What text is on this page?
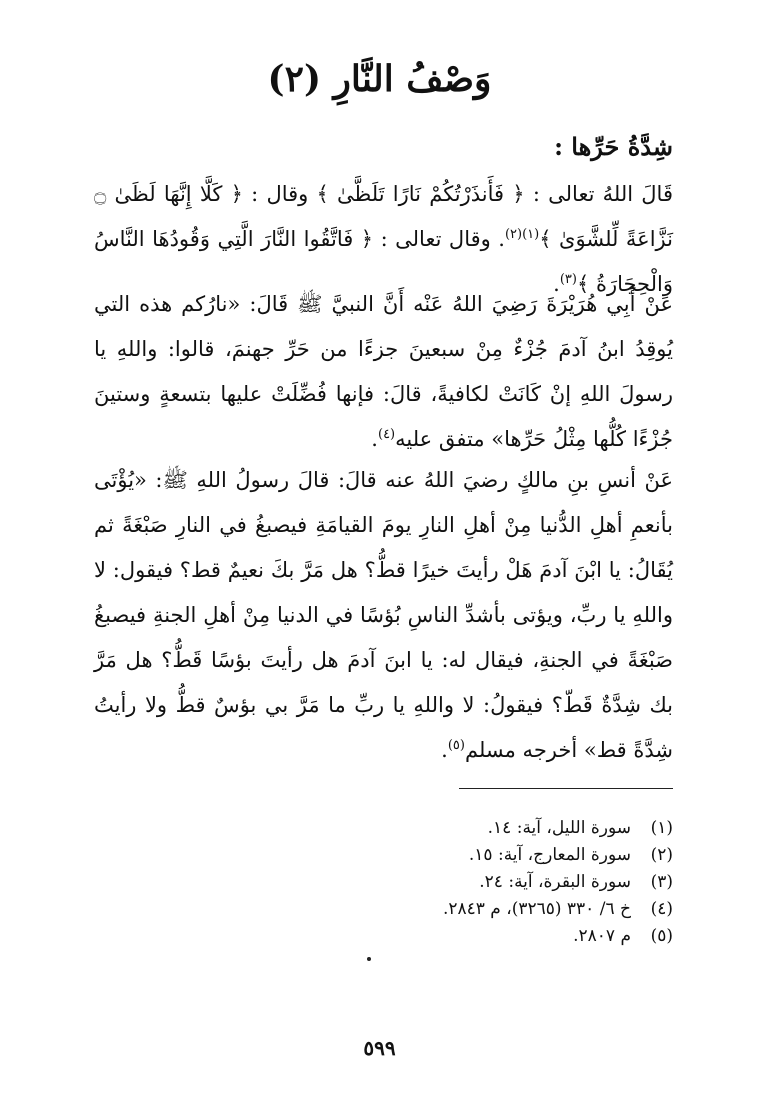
وَصْفُ النَّارِ (٢)
شِدَّةُ حَرِّها :
قَالَ اللهُ تعالى : ﴿ فَأَنذَرْتُكُمْ نَارًا تَلَظَّىٰ ﴾ وقال : ﴿ كَلَّا إِنَّهَا لَظَىٰ ۝ نَزَّاعَةً لِّلشَّوَىٰ ﴾$^{(١)(٢)}$. وقال تعالى : ﴿ فَاتَّقُوا النَّارَ الَّتِي وَقُودُهَا النَّاسُ وَالْحِجَارَةُ ﴾$^{(٣)}$.
عَنْ أَبِي هُرَيْرَةَ رَضِيَ اللهُ عَنْه أَنَّ النبيَّ ﷺ قَالَ: «نارُكم هذه التي يُوقِدُ ابنُ آدمَ جُزْءٌ مِنْ سبعينَ جزءًا من حَرِّ جهنمَ، قالوا: واللهِ يا رسولَ اللهِ إنْ كَانَتْ لكافيةً، قالَ: فإنها فُضِّلَتْ عليها بتسعةٍ وستينَ جُزْءًا كُلُّها مِثْلُ حَرِّها» متفق عليه$^{(٤)}$.
عَنْ أنسِ بنِ مالكٍ رضيَ اللهُ عنه قالَ: قالَ رسولُ اللهِ ﷺ: «يُؤْتَى بأنعمِ أهلِ الدُّنيا مِنْ أهلِ النارِ يومَ القيامَةِ فيصبغُ في النارِ صَبْغَةً ثم يُقَالُ: يا ابْنَ آدمَ هَلْ رأيتَ خيرًا قطُّ؟ هل مَرَّ بكَ نعيمٌ قط؟ فيقول: لا واللهِ يا ربِّ، ويؤتى بأشدِّ الناسِ بُؤسًا في الدنيا مِنْ أهلِ الجنةِ فيصبغُ صَبْغَةً في الجنةِ، فيقال له: يا ابنَ آدمَ هل رأيتَ بؤسًا قَطُّ؟ هل مَرَّ بك شِدَّةٌ قَطّ؟ فيقولُ: لا واللهِ يا ربِّ ما مَرَّ بي بؤسٌ قطُّ ولا رأيتُ شِدَّةً قط» أخرجه مسلم$^{(٥)}$.
(١)سورة الليل، آية: ١٤.
(٢)سورة المعارج، آية: ١٥.
(٣)سورة البقرة، آية: ٢٤.
(٤)خ ٦/ ٣٣٠ (٣٢٦٥)، م ٢٨٤٣.
(٥)م ٢٨٠٧.
٥٩٩
